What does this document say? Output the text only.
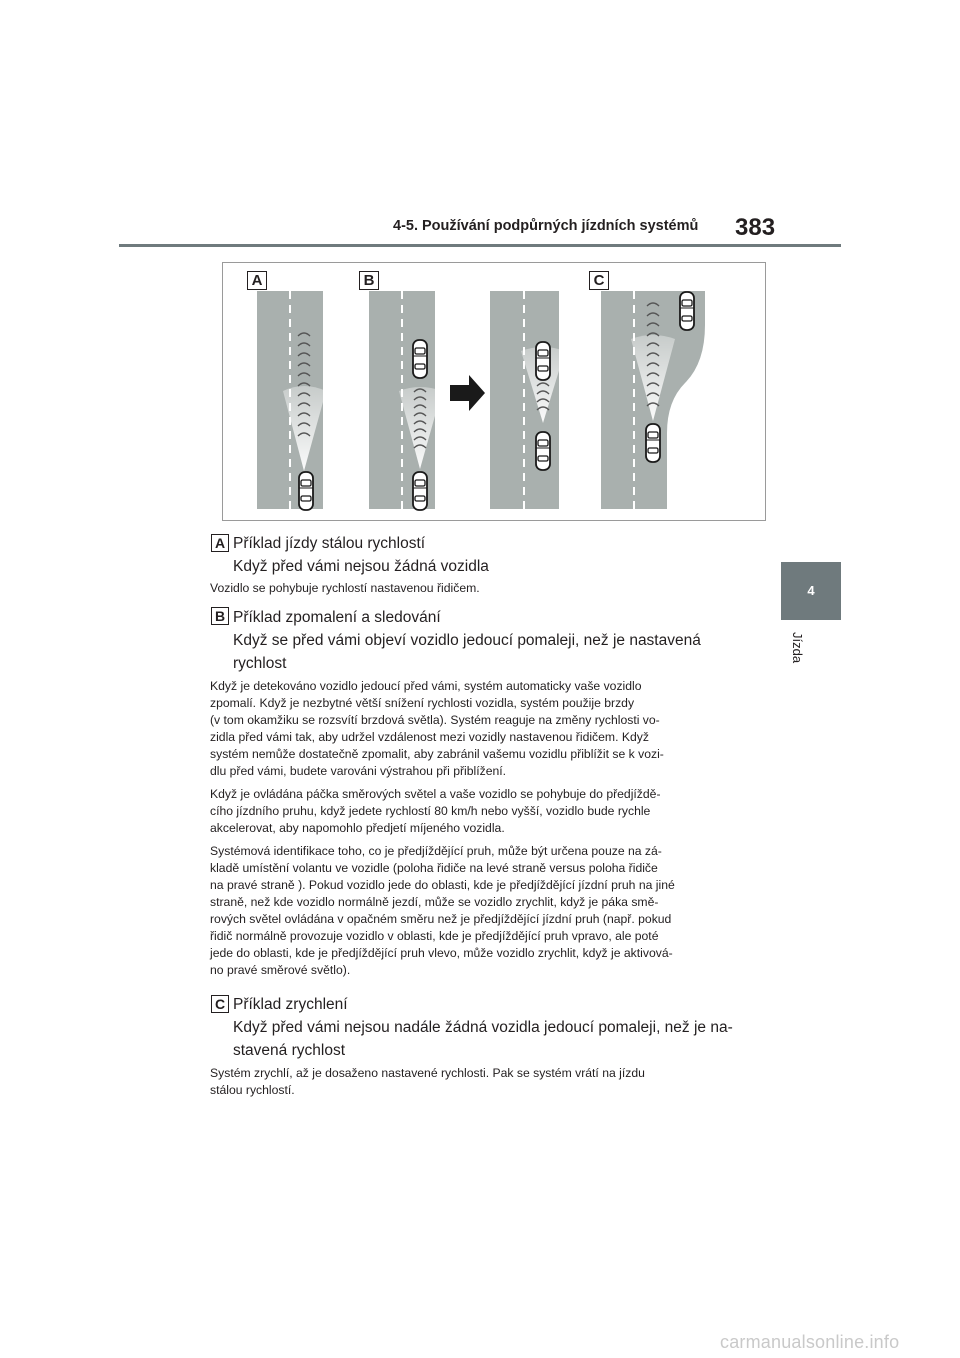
4-5. Používání podpůrných jízdních systémů 383
4
Jízda
A	B	C
A Příklad jízdy stálou rychlostí
Když před vámi nejsou žádná vozidla
Vozidlo se pohybuje rychlostí nastavenou řidičem.
B Příklad zpomalení a sledování
Když se před vámi objeví vozidlo jedoucí pomaleji, než je nastavená
rychlost
Když je detekováno vozidlo jedoucí před vámi, systém automaticky vaše vozidlo
zpomalí. Když je nezbytné větší snížení rychlosti vozidla, systém použije brzdy
(v tom okamžiku se rozsvítí brzdová světla). Systém reaguje na změny rychlosti vo-
zidla před vámi tak, aby udržel vzdálenost mezi vozidly nastavenou řidičem. Když
systém nemůže dostatečně zpomalit, aby zabránil vašemu vozidlu přiblížit se k vozi-
dlu před vámi, budete varováni výstrahou při přiblížení.
Když je ovládána páčka směrových světel a vaše vozidlo se pohybuje do předjíždě-
cího jízdního pruhu, když jedete rychlostí 80 km/h nebo vyšší, vozidlo bude rychle
akcelerovat, aby napomohlo předjetí míjeného vozidla.
Systémová identifikace toho, co je předjíždějící pruh, může být určena pouze na zá-
kladě umístění volantu ve vozidle (poloha řidiče na levé straně versus poloha řidiče
na pravé straně ). Pokud vozidlo jede do oblasti, kde je předjíždějící jízdní pruh na jiné
straně, než kde vozidlo normálně jezdí, může se vozidlo zrychlit, když je páka smě-
rových světel ovládána v opačném směru než je předjíždějící jízdní pruh (např. pokud
řidič normálně provozuje vozidlo v oblasti, kde je předjíždějící pruh vpravo, ale poté
jede do oblasti, kde je předjíždějící pruh vlevo, může vozidlo zrychlit, když je aktivová-
no pravé směrové světlo).
C Příklad zrychlení
Když před vámi nejsou nadále žádná vozidla jedoucí pomaleji, než je na-
stavená rychlost
Systém zrychlí, až je dosaženo nastavené rychlosti. Pak se systém vrátí na jízdu
stálou rychlostí.
carmanualsonline.info
